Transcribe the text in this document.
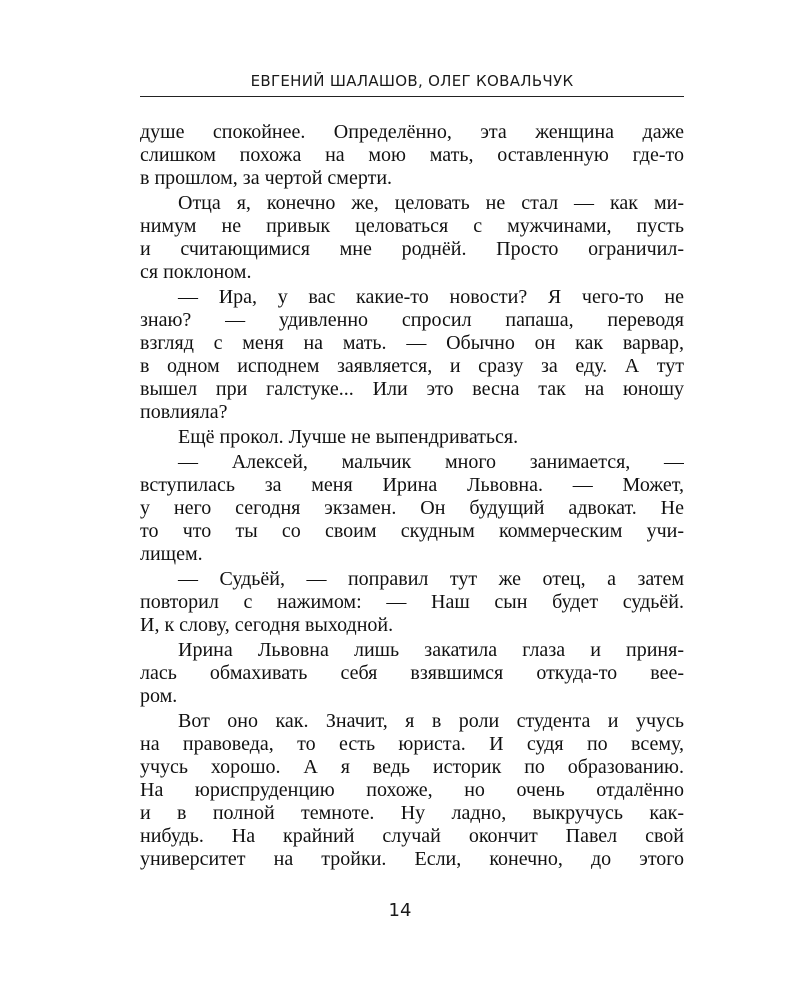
ЕВГЕНИЙ ШАЛАШОВ, ОЛЕГ КОВАЛЬЧУК
душе спокойнее. Определённо, эта женщина даже
слишком похожа на мою мать, оставленную где-то
в прошлом, за чертой смерти.
Отца я, конечно же, целовать не стал — как ми-
нимум не привык целоваться с мужчинами, пусть
и считающимися мне роднёй. Просто ограничил-
ся поклоном.
— Ира, у вас какие-то новости? Я чего-то не
знаю? — удивленно спросил папаша, переводя
взгляд с меня на мать. — Обычно он как варвар,
в одном исподнем заявляется, и сразу за еду. А тут
вышел при галстуке... Или это весна так на юношу
повлияла?
Ещё прокол. Лучше не выпендриваться.
— Алексей, мальчик много занимается, —
вступилась за меня Ирина Львовна. — Может,
у него сегодня экзамен. Он будущий адвокат. Не
то что ты со своим скудным коммерческим учи-
лищем.
— Судьёй, — поправил тут же отец, а затем
повторил с нажимом: — Наш сын будет судьёй.
И, к слову, сегодня выходной.
Ирина Львовна лишь закатила глаза и приня-
лась обмахивать себя взявшимся откуда-то вее-
ром.
Вот оно как. Значит, я в роли студента и учусь
на правоведа, то есть юриста. И судя по всему,
учусь хорошо. А я ведь историк по образованию.
На юриспруденцию похоже, но очень отдалённо
и в полной темноте. Ну ладно, выкручусь как-
нибудь. На крайний случай окончит Павел свой
университет на тройки. Если, конечно, до этого
14
